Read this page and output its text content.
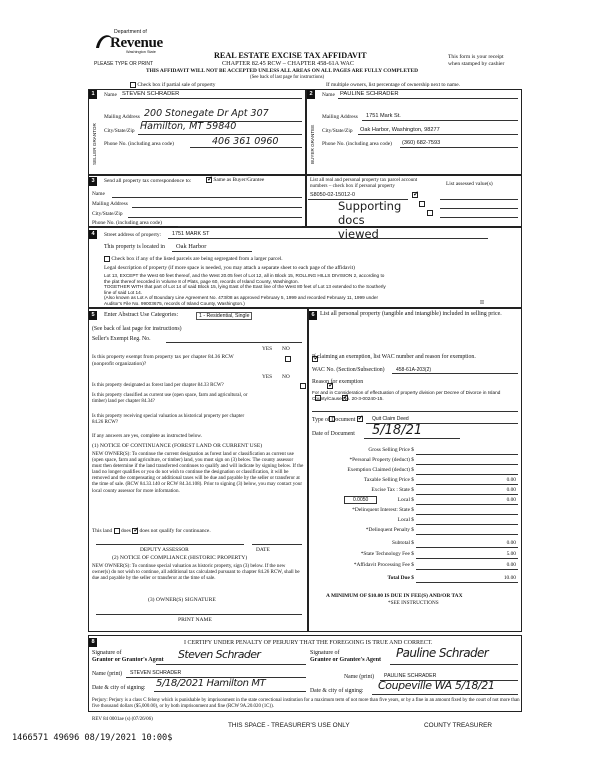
Department of
Revenue
Washington State
PLEASE TYPE OR PRINT
REAL ESTATE EXCISE TAX AFFIDAVIT
CHAPTER 82.45 RCW – CHAPTER 458-61A WAC
THIS AFFIDAVIT WILL NOT BE ACCEPTED UNLESS ALL AREAS ON ALL PAGES ARE FULLY COMPLETED
This form is your receipt
when stamped by cashier
(See back of last page for instructions)
Check box if partial sale of property	If multiple owners, list percentage of ownership next to name.
1
SELLER GRANTOR
Name STEVEN SCHRADER
Mailing Address 200 Stonegate Dr Apt 307
City/State/Zip Hamilton, MT 59840
Phone No. (including area code)	406 361 0960
2
BUYER GRANTEE
Name PAULINE SCHRADER
Mailing Address 1751 Mark St.
City/State/Zip Oak Harbor, Washington, 98277
Phone No. (including area code) (360) 682-7593
3	Send all property tax correspondence to: ✓	Same as Buyer/Grantee
Name
Mailing Address
City/State/Zip
Phone No. (including area code)
List all real and personal property tax parcel account numbers – check box if personal property	List assessed value(s)
S8050-02-15012-0
✓
Supporting docs viewed
4	Street address of property: 1751 MARK ST
This property is located in Oak Harbor
Check box if any of the listed parcels are being segregated from a larger parcel.
Legal description of property (if more space is needed, you may attach a separate sheet to each page of the affidavit)
Lot 13, EXCEPT the West 60 feet thereof, and the West 20.05 feet of Lot 12, all in Block 15, ROLLING HILLS DIVISION 2, according to
the plat thereof recorded in Volume 8 of Plats, page 60, records of Island County, Washington.
TOGETHER WITH that part of Lot 14 of said Block 15, lying East of the East line of the West 80 feet of Lot 13 extended to the Southerly
line of said Lot 14.
(Also known as Lot A of Boundary Line Agreement No. 473/08 as approved February 5, 1999 and recorded February 11, 1999 under
Auditor's File No. 99003675, records of Island County, Washington.)	II
5	Enter Abstract Use Categories:	1 - Residential, Single
(See back of last page for instructions)
Seller's Exempt Reg. No.
YES NO
Is this property exempt from property tax per chapter 84.36 RCW (nonprofit organization)?
✓
YES NO
Is this property designated as forest land per chapter 84.33 RCW?
✓
Is this property classified as current use (open space, farm and agricultural, or timber) land per chapter 84.34?
✓
Is this property receiving special valuation as historical property per chapter 84.26 RCW?
✓
If any answers are yes, complete as instructed below.
(1) NOTICE OF CONTINUANCE (FOREST LAND OR CURRENT USE)
NEW OWNER(S): To continue the current designation as forest land or classification as current use (open space, farm and agriculture, or timber) land, you must sign on (3) below. The county assessor must then determine if the land transferred continues to qualify and will indicate by signing below. If the land no longer qualifies or you do not wish to continue the designation or classification, it will be removed and the compensating or additional taxes will be due and payable by the seller or transferor at the time of sale. (RCW 84.33.140 or RCW 84.34.108). Prior to signing (3) below, you may contact your local county assessor for more information.
This land does ✓ does not qualify for continuance.
DEPUTY ASSESSOR	DATE
(2) NOTICE OF COMPLIANCE (HISTORIC PROPERTY)
NEW OWNER(S): To continue special valuation as historic property, sign (3) below. If the new owner(s) do not wish to continue, all additional tax calculated pursuant to chapter 84.26 RCW, shall be due and payable by the seller or transferor at the time of sale.
(3) OWNER(S) SIGNATURE
PRINT NAME
6 List all personal property (tangible and intangible) included in selling price.
If claiming an exemption, list WAC number and reason for exemption.
WAC No. (Section/Subsection) 458-61A-203(2)
Reason for exemption
For and in Consideration of effectuation of property division per Decree of Divorce in Island County/Cause No. 20-3-00240-15.
Type of Document	Quit Claim Deed
Date of Document 5/18/21
Gross Selling Price $
*Personal Property (deduct) $
Exemption Claimed (deduct) $
Taxable Selling Price $	0.00
Excise Tax : State $	0.00
0.0050	Local $	0.00
*Delinquent Interest: State $
Local $
*Delinquent Penalty $
Subtotal $	0.00
*State Technology Fee $	5.00
*Affidavit Processing Fee $	0.00
Total Due $	10.00
A MINIMUM OF $10.00 IS DUE IN FEE(S) AND/OR TAX
*SEE INSTRUCTIONS
8	I CERTIFY UNDER PENALTY OF PERJURY THAT THE FOREGOING IS TRUE AND CORRECT.
Signature of
Grantor or Grantor's Agent Steven Schrader	Signature of
Grantee or Grantee's Agent Pauline Schrader
Name (print) STEVEN SCHRADER
Name (print) PAULINE SCHRADER
Date & city of signing: 5/18/2021 Hamilton MT
Date & city of signing: Coupeville WA 5/18/21
Perjury: Perjury is a class C felony which is punishable by imprisonment in the state correctional institution for a maximum term of not more than five years, or by a fine in an amount fixed by the court of not more than five thousand dollars ($5,000.00), or by both imprisonment and fine (RCW 9A.20.020 (1C)).
REV 84 0001ae (s) (07/26/06)
THIS SPACE - TREASURER'S USE ONLY	COUNTY TREASURER
1466571 49696 08/19/2021 10:00$
